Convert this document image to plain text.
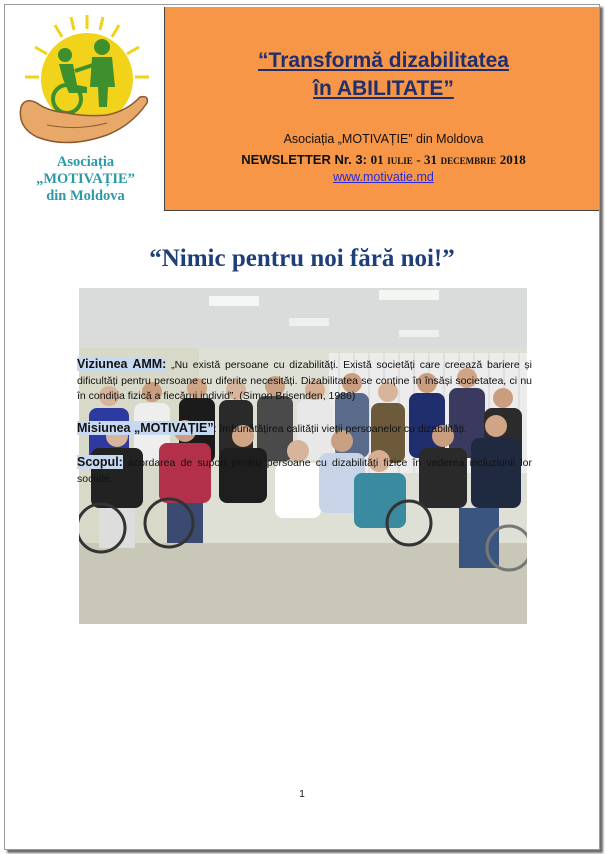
Asociația
„MOTIVAȚIE”
din Moldova
“Transformă dizabilitatea
în ABILITATE”
Asociația „MOTIVAȚIE” din Moldova
NEWSLETTER Nr. 3: 01 iulie - 31 decembrie 2018
www.motivatie.md
“Nimic pentru noi fără noi!”
Viziunea AMM: „Nu există persoane cu dizabilități. Există societăți care creează bariere și dificultăți pentru persoane cu diferite necesități. Dizabilitatea se conține în însăși societatea, ci nu în condiția fizică a fiecărui individ”. (Simon Brisenden, 1986)
Misiunea „MOTIVAȚIE”: îmbunătățirea calității vieții persoanelor cu dizabilități.
Scopul: acordarea de suport pentru persoane cu dizabilități fizice în vederea incluziunii lor sociale.
1
